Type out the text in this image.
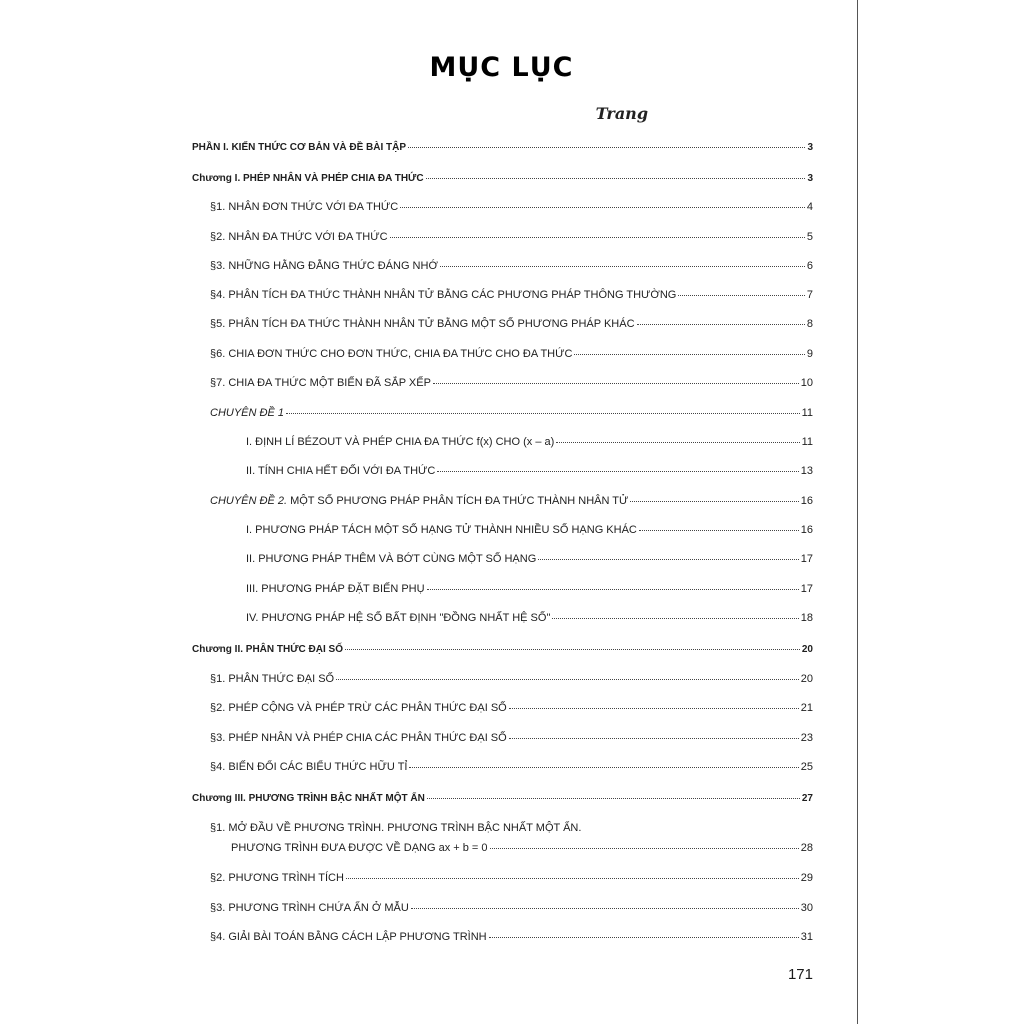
MỤC LỤC
Trang
PHẦN I. KIẾN THỨC CƠ BẢN VÀ ĐỀ BÀI TẬP	3
Chương I. PHÉP NHÂN VÀ PHÉP CHIA ĐA THỨC	3
§1. NHÂN ĐƠN THỨC VỚI ĐA THỨC	4
§2. NHÂN ĐA THỨC VỚI ĐA THỨC	5
§3. NHỮNG HẰNG ĐẲNG THỨC ĐÁNG NHỚ	6
§4. PHÂN TÍCH ĐA THỨC THÀNH NHÂN TỬ BẰNG CÁC PHƯƠNG PHÁP THÔNG THƯỜNG	7
§5. PHÂN TÍCH ĐA THỨC THÀNH NHÂN TỬ BẰNG MỘT SỐ PHƯƠNG PHÁP KHÁC	8
§6. CHIA ĐƠN THỨC CHO ĐƠN THỨC, CHIA ĐA THỨC CHO ĐA THỨC	9
§7. CHIA ĐA THỨC MỘT BIẾN ĐÃ SẮP XẾP	10
CHUYÊN ĐỀ 1	11
I. ĐỊNH LÍ BÉZOUT VÀ PHÉP CHIA ĐA THỨC f(x) CHO (x – a)	11
II. TÍNH CHIA HẾT ĐỐI VỚI ĐA THỨC	13
CHUYÊN ĐỀ 2. MỘT SỐ PHƯƠNG PHÁP PHÂN TÍCH ĐA THỨC THÀNH NHÂN TỬ	16
I. PHƯƠNG PHÁP TÁCH MỘT SỐ HẠNG TỬ THÀNH NHIỀU SỐ HẠNG KHÁC	16
II. PHƯƠNG PHÁP THÊM VÀ BỚT CÙNG MỘT SỐ HẠNG	17
III. PHƯƠNG PHÁP ĐẶT BIẾN PHỤ	17
IV. PHƯƠNG PHÁP HỆ SỐ BẤT ĐỊNH "ĐỒNG NHẤT HỆ SỐ"	18
Chương II. PHÂN THỨC ĐẠI SỐ	20
§1. PHÂN THỨC ĐẠI SỐ	20
§2. PHÉP CỘNG VÀ PHÉP TRỪ CÁC PHÂN THỨC ĐẠI SỐ	21
§3. PHÉP NHÂN VÀ PHÉP CHIA CÁC PHÂN THỨC ĐẠI SỐ	23
§4. BIẾN ĐỔI CÁC BIỂU THỨC HỮU TỈ	25
Chương III. PHƯƠNG TRÌNH BẬC NHẤT MỘT ẨN	27
§1. MỞ ĐẦU VỀ PHƯƠNG TRÌNH. PHƯƠNG TRÌNH BẬC NHẤT MỘT ẨN.
PHƯƠNG TRÌNH ĐƯA ĐƯỢC VỀ DẠNG ax + b = 0	28
§2. PHƯƠNG TRÌNH TÍCH	29
§3. PHƯƠNG TRÌNH CHỨA ẨN Ở MẪU	30
§4. GIẢI BÀI TOÁN BẰNG CÁCH LẬP PHƯƠNG TRÌNH	31
171
